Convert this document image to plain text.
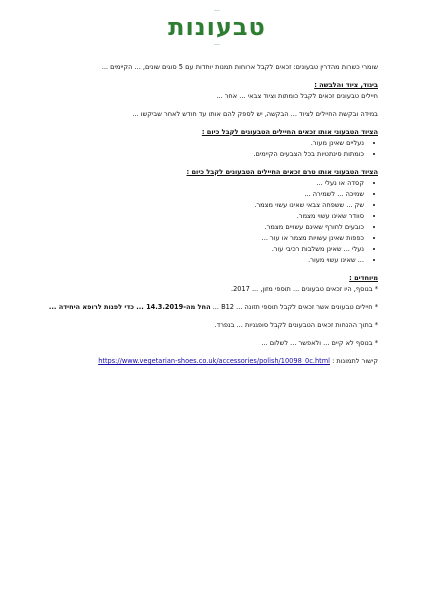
...
טבעונות
...

שומרי כשרות מהדרין טבעונים: זכאים לקבל ארוחות תמנות יוחדות עם 5 סוגים שונים, ... הקיימים ...

ביגוד, ציוד והלבשה :

חיילים טבעונים זכאים לקבל כומתות וציוד צבאי ... אחר ...

במידה ובקשת החיילים לציוד ... הבקשה, יש לספק להם אותו עד חודש לאחר שביקשו ...

הציוד הטבעוני אותו זכאים החיילים הטבעונים לקבל כיום :

• נעליים שאינן מעור.
• כומתות סינתטיות בכל הצבעים הקיימים.

הציוד הטבעוני אותו טרם זכאים החיילים הטבעונים לקבל כיום :

• קסדה או נעלי ...
• שמיכה ... לשמירה ...
• שק ... ששפחה צבאי שאינו עשוי מצמר.
• סוודר שאינו עשוי מצמר.
• כובעים לחורף שאינם עשויים מצמר.
• כפפות שאינן עשויות מצמר או עור ...
• נעלי ... שאינן משלבות רכיבי עור.
• ... שאינו עשוי מעור.

מיוחדים :

* בנוסף, היו זכאים טבעונים ... תוספי מזון, ... 2017.

* חיילים טבעונים אשר זכאים לקבל תוספי תזונה ... B12 ... החל מה-14.3.2019 ... כדי לפנות לרופא היחידה ...

* בתוך ההנחות זכאים הטבעונים לקבל סופגניות ... בנפרד.

* בנוסף לא קיים ... ולאפשר ... לשלום ...

קישור לתמונות : https://www.vegetarian-shoes.co.uk/accessories/polish/10098_0c.html
